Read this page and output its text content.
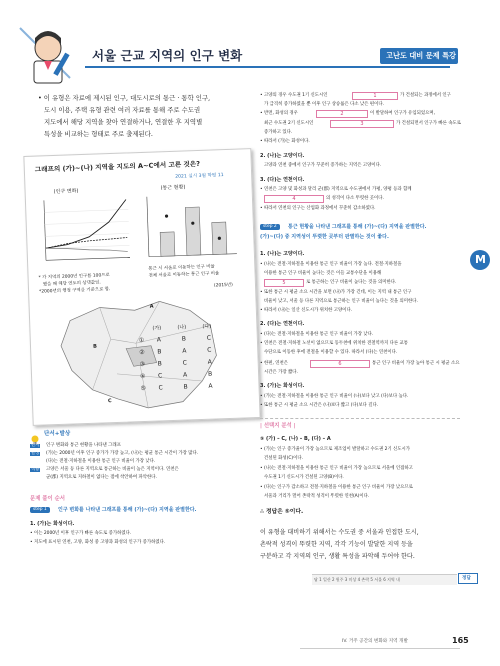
서울 근교 지역의 인구 변화	고난도 대비 문제 특강
• 이 유형은 자료에 제시된 인구, 대도시로의 통근 · 통학 인구,
도시 이용, 주택 유형 관련 여러 자료를 통해 주로 수도권
지도에서 해당 지역을 찾아 연결하거나, 연결한 후 지역별
특성을 비교하는 형태로 주로 출제된다.
그래프의 (가)~(나) 지역을 지도의 A~C에서 고른 것은?
2021 실시 3월 학평 11
(인구 변화)
(통근 현황)
* 각 지역의 2000년 인구를 100으로
했을 때 해당 연도의 상댓값임.
*2000년의 행정 구역을 기준으로 함.
통근 시 서울로 이동하는 인구 비율
전체 서울로 이동하는 통근 인구 비율
(2015년)
A
B
C
(가)	(나)	(다)
① A	B	C
② B	A	C
③ B	C	A
④ C	A	B
⑤ C	B	A
단서+발상
단서 인구 변화와 통근 현황을 나타낸 그래프
발상 (가)는 2000년 이후 인구 증가가 가장 높고, (나)는 평균 통근 시간이 가장 많다.
(다)는 전철·지하철을 이용한 통근 인구 비율이 가장 낮다.
적용 고양은 서울 등 다른 지역으로 통근하는 비율이 높은 지역이다. 연천은
군(郡) 지역으로 지하철이 없다는 점에 착안하여 파악한다.
문제 풀이 순서
step 1	인구 변화를 나타낸 그래프를 통해 (가)~(다) 지역을 판별한다.
1. (가)는 화성이다.
• 이는 2000년 이후 인구가 빠른 속도로 증가하였다.
• 지도에 표시된 연천, 고양, 화성 중 고양과 화성의 인구가 증가하였다.
• 고양의 경우 수도권 1기 신도시인	1	가 건설되는 과정에서 인구
가 급격히 증가하였을 뿐 이후 인구 상승률은 다소 낮은 편이다.
• 반면, 화성의 경우	2	이 발달하여 인구가 유입되었으며,
최근 수도권 2기 신도시인	3	가 건설되면서 인구가 빠른 속도로
증가하고 있다.
• 따라서 (가)는 화성이다.
2. (나)는 고양이다.
고양과 연천 중에서 인구가 꾸준히 증가하는 지역은 고양이다.
3. (다)는 연천이다.
• 연천은 고양 및 화성과 달리 군(郡) 지역으로 수도권에서 가평, 양평 등과 함께
4	의 성격이 다소 뚜렷한 곳이다.
• 따라서 연천의 인구는 산업화 과정에서 꾸준히 감소하였다.
step 2	통근 현황을 나타낸 그래프를 통해 (가)~(다) 지역을 판별한다.
(가)~(다) 중 지역성이 뚜렷한 곳부터 판별하는 것이 좋다.
1. (나)는 고양이다.
• (나)는 전철·지하철을 이용한 통근 인구 비율이 가장 높다. 전철·지하철을
이용한 통근 인구 비율이 높다는 것은 이들 교통수단을 이용해
5	로 통근하는 인구 비율이 높다는 것을 의미한다.
• 또한 통근 시 평균 소요 시간을 보면 (나)가 가장 긴데, 이는 지역 내 통근 인구
비율이 낮고, 서울 등 다른 지역으로 통근하는 인구 비율이 높다는 것을 의미한다.
• 따라서 (나)는 일산 신도시가 위치한 고양이다.
2. (다)는 연천이다.
• (다)는 전철·지하철을 이용한 통근 인구 비율이 가장 낮다.
• 연천은 전철·지하철 노선이 없으므로 동두천에 위치한 전철역까지 다른 교통
수단으로 이동한 후에 전철을 이용할 수 있다. 따라서 (다)는 연천이다.
• 한편, 연천은	6	통근 인구 비율이 가장 높아 통근 시 평균 소요
시간은 가장 짧다.
3. (가)는 화성이다.
• (가)는 전철·지하철을 이용한 통근 인구 비율이 (나)보다 낮고 (다)보다 높다.
• 또한 통근 시 평균 소요 시간은 (나)보다 짧고 (다)보다 길다.
| 선택지 분석 |
⑤ (가) – C, (나) – B, (다) – A
• (가)는 인구 증가율이 가장 높으므로 제조업이 발달하고 수도권 2기 신도시가
건설된 화성(C)이다.
• (나)는 전철·지하철을 이용한 통근 인구 비율이 가장 높으므로 서울에 인접하고
수도권 1기 신도시가 건설된 고양(B)이다.
• (다)는 인구가 감소하고 전철·지하철을 이용한 통근 인구 비율이 가장 낮으므로
서울과 거리가 멀어 촌락적 성격이 뚜렷한 연천(A)이다.
∴ 정답은 ⑤이다.
이 유형을 대비하기 위해서는 수도권 중 서울과 인접한 도시,
촌락적 성격이 뚜렷한 지역, 각각 기능이 발달한 지역 등을
구분하고 각 지역의 인구, 생활 특성을 파악해 두어야 한다.
답 1 일산 2 원주 3 미상 4 촌락 5 서울 6 지역 내	정답
M
IV. 거주 공간의 변화와 지역 개발	165
